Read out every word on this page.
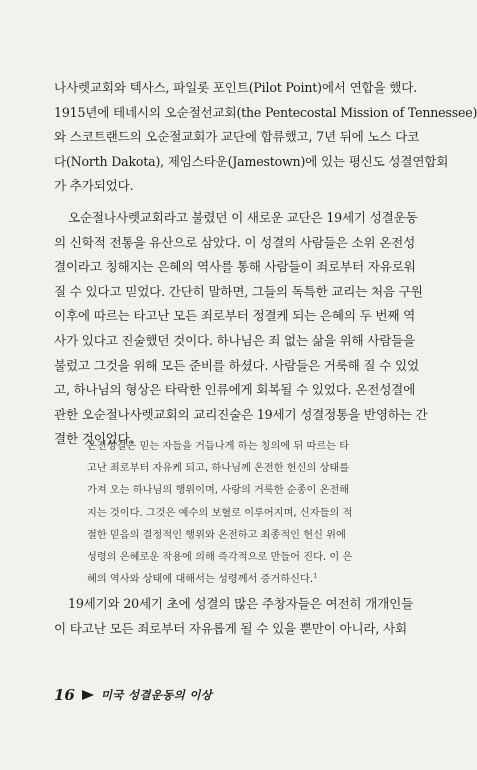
나사렛교회와 텍사스, 파일롯 포인트(Pilot Point)에서 연합을 했다.
1915년에 테네시의 오순절선교회(the Pentecostal Mission of Tennessee)
와 스코트랜드의 오순절교회가 교단에 합류했고, 7년 뒤에 노스 다코
다(North Dakota), 제임스타운(Jamestown)에 있는 평신도 성결연합회
가 추가되었다.

오순절나사렛교회라고 불렸던 이 새로운 교단은 19세기 성결운동
의 신학적 전통을 유산으로 삼았다. 이 성결의 사람들은 소위 온전성
결이라고 칭해지는 은혜의 역사를 통해 사람들이 죄로부터 자유로워
질 수 있다고 믿었다. 간단히 말하면, 그들의 독특한 교리는 처음 구원
이후에 따르는 타고난 모든 죄로부터 정결케 되는 은혜의 두 번째 역
사가 있다고 진술했던 것이다. 하나님은 죄 없는 삶을 위해 사람들을
불렀고 그것을 위해 모든 준비를 하셨다. 사람들은 거룩해 질 수 있었
고, 하나님의 형상은 타락한 인류에게 회복될 수 있었다. 온전성결에
관한 오순절나사렛교회의 교리진술은 19세기 성결정통을 반영하는 간
결한 것이었다.

온전성결은 믿는 자들을 거듭나게 하는 칭의에 뒤 따르는 타
고난 죄로부터 자유케 되고, 하나님께 온전한 헌신의 상태를
가져 오는 하나님의 행위이며, 사랑의 거룩한 순종이 온전해
지는 것이다. 그것은 예수의 보혈로 이루어지며, 신자들의 적
절한 믿음의 결정적인 행위와 온전하고 최종적인 헌신 위에
성령의 은혜로운 작용에 의해 즉각적으로 만들어 진다. 이 은
혜의 역사와 상태에 대해서는 성령께서 증거하신다.$^1$

19세기와 20세기 초에 성결의 많은 주창자들은 여전히 개개인들
이 타고난 모든 죄로부터 자유롭게 될 수 있을 뿐만이 아니라, 사회

16 미국 성결운동의 이상
